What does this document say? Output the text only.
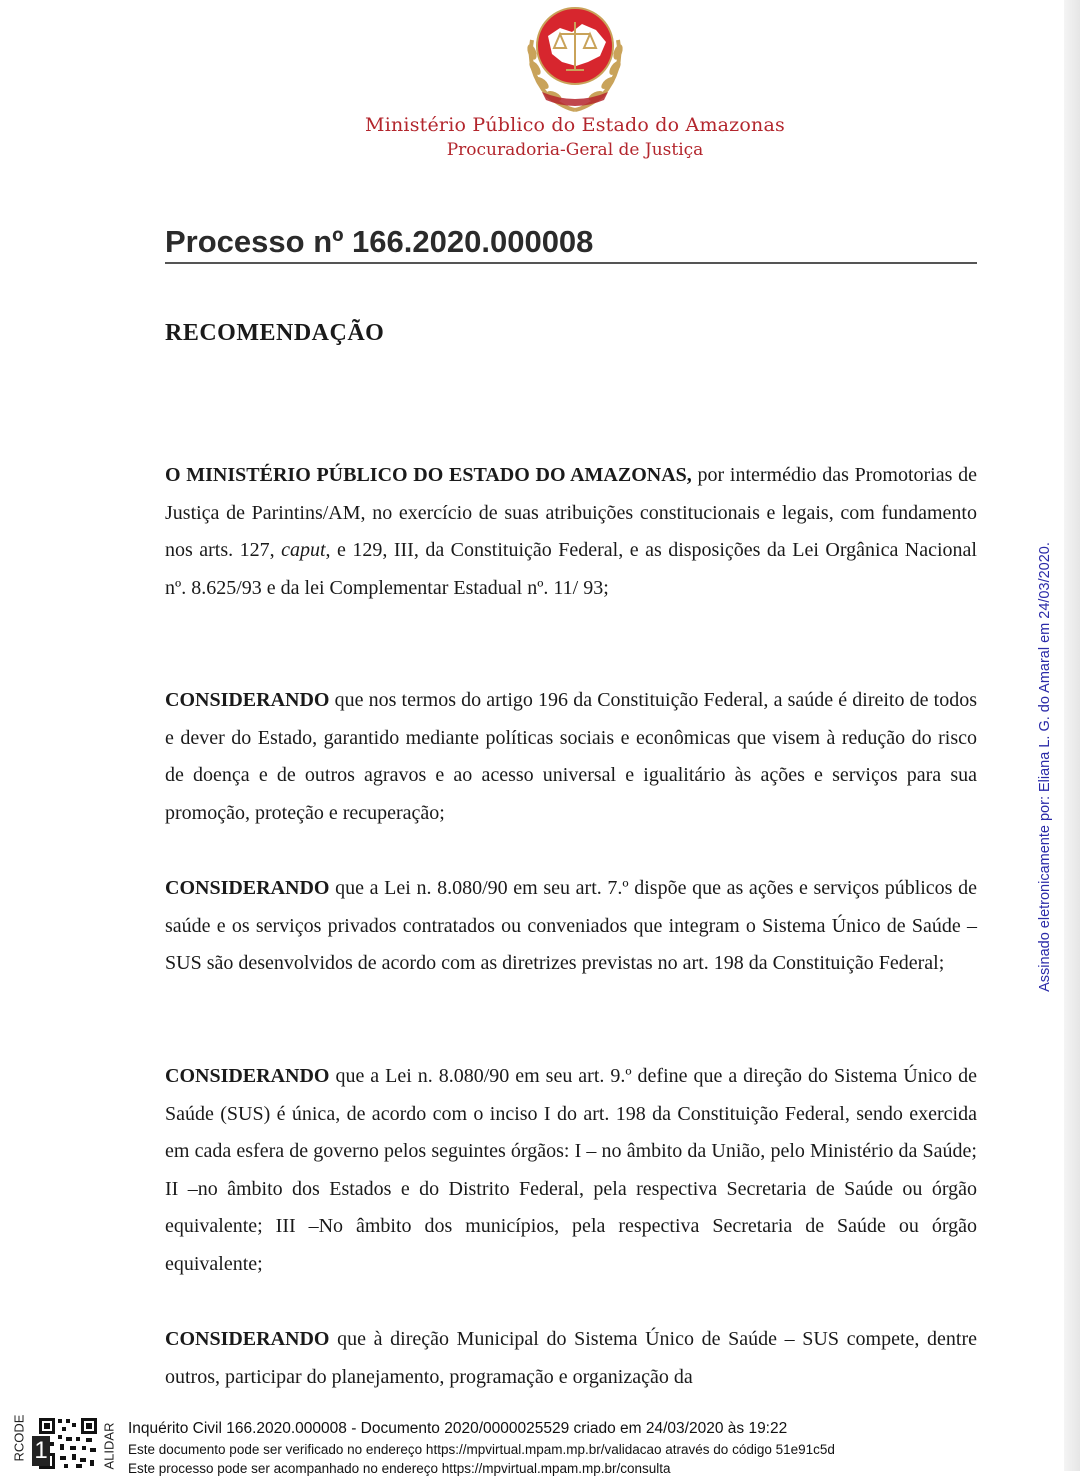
Ministério Público do Estado do Amazonas
Procuradoria-Geral de Justiça
Processo nº 166.2020.000008
RECOMENDAÇÃO

O MINISTÉRIO PÚBLICO DO ESTADO DO AMAZONAS, por intermédio das Promotorias de Justiça de Parintins/AM, no exercício de suas atribuições constitucionais e legais, com fundamento nos arts. 127, caput, e 129, III, da Constituição Federal, e as disposições da Lei Orgânica Nacional nº. 8.625/93 e da lei Complementar Estadual nº. 11/ 93;

CONSIDERANDO que nos termos do artigo 196 da Constituição Federal, a saúde é direito de todos e dever do Estado, garantido mediante políticas sociais e econômicas que visem à redução do risco de doença e de outros agravos e ao acesso universal e igualitário às ações e serviços para sua promoção, proteção e recuperação;

CONSIDERANDO que a Lei n. 8.080/90 em seu art. 7.º dispõe que as ações e serviços públicos de saúde e os serviços privados contratados ou conveniados que integram o Sistema Único de Saúde –SUS são desenvolvidos de acordo com as diretrizes previstas no art. 198 da Constituição Federal;

CONSIDERANDO que a Lei n. 8.080/90 em seu art. 9.º define que a direção do Sistema Único de Saúde (SUS) é única, de acordo com o inciso I do art. 198 da Constituição Federal, sendo exercida em cada esfera de governo pelos seguintes órgãos: I – no âmbito da União, pelo Ministério da Saúde; II –no âmbito dos Estados e do Distrito Federal, pela respectiva Secretaria de Saúde ou órgão equivalente; III –No âmbito dos municípios, pela respectiva Secretaria de Saúde ou órgão equivalente;

CONSIDERANDO que à direção Municipal do Sistema Único de Saúde – SUS compete, dentre outros, participar do planejamento, programação e organização da

Assinado eletronicamente por: Eliana L. G. do Amaral em 24/03/2020.
RCODE 1	ALIDAR Inquérito Civil 166.2020.000008 - Documento 2020/0000025529 criado em 24/03/2020 às 19:22
Este documento pode ser verificado no endereço https://mpvirtual.mpam.mp.br/validacao através do código 51e91c5d
Este processo pode ser acompanhado no endereço https://mpvirtual.mpam.mp.br/consulta
